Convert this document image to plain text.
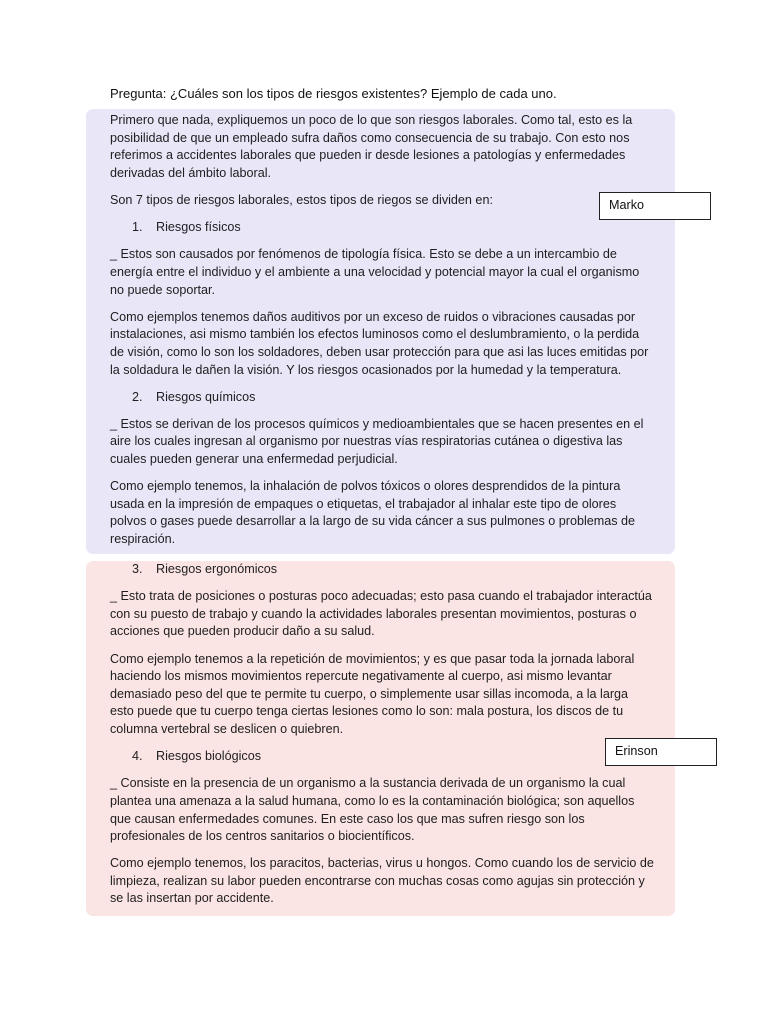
Pregunta: ¿Cuáles son los tipos de riesgos existentes? Ejemplo de cada uno.

Primero que nada, expliquemos un poco de lo que son riesgos laborales. Como tal, esto es la posibilidad de que un empleado sufra daños como consecuencia de su trabajo. Con esto nos referimos a accidentes laborales que pueden ir desde lesiones a patologías y enfermedades derivadas del ámbito laboral.

Son 7 tipos de riesgos laborales, estos tipos de riegos se dividen en:

1. Riesgos físicos

_ Estos son causados por fenómenos de tipología física. Esto se debe a un intercambio de energía entre el individuo y el ambiente a una velocidad y potencial mayor la cual el organismo no puede soportar.

Como ejemplos tenemos daños auditivos por un exceso de ruidos o vibraciones causadas por instalaciones, asi mismo también los efectos luminosos como el deslumbramiento, o la perdida de visión, como lo son los soldadores, deben usar protección para que asi las luces emitidas por la soldadura le dañen la visión. Y los riesgos ocasionados por la humedad y la temperatura.

2. Riesgos químicos

_ Estos se derivan de los procesos químicos y medioambientales que se hacen presentes en el aire los cuales ingresan al organismo por nuestras vías respiratorias cutánea o digestiva las cuales pueden generar una enfermedad perjudicial.

Como ejemplo tenemos, la inhalación de polvos tóxicos o olores desprendidos de la pintura usada en la impresión de empaques o etiquetas, el trabajador al inhalar este tipo de olores polvos o gases puede desarrollar a la largo de su vida cáncer a sus pulmones o problemas de respiración.

3. Riesgos ergonómicos

_ Esto trata de posiciones o posturas poco adecuadas; esto pasa cuando el trabajador interactúa con su puesto de trabajo y cuando la actividades laborales presentan movimientos, posturas o acciones que pueden producir daño a su salud.

Como ejemplo tenemos a la repetición de movimientos; y es que pasar toda la jornada laboral haciendo los mismos movimientos repercute negativamente al cuerpo, asi mismo levantar demasiado peso del que te permite tu cuerpo, o simplemente usar sillas incomoda, a la larga esto puede que tu cuerpo tenga ciertas lesiones como lo son: mala postura, los discos de tu columna vertebral se deslicen o quiebren.

4. Riesgos biológicos

_ Consiste en la presencia de un organismo a la sustancia derivada de un organismo la cual plantea una amenaza a la salud humana, como lo es la contaminación biológica; son aquellos que causan enfermedades comunes. En este caso los que mas sufren riesgo son los profesionales de los centros sanitarios o biocientíficos.

Como ejemplo tenemos, los paracitos, bacterias, virus u hongos. Como cuando los de servicio de limpieza, realizan su labor pueden encontrarse con muchas cosas como agujas sin protección y se las insertan por accidente.

Marko
Erinson
